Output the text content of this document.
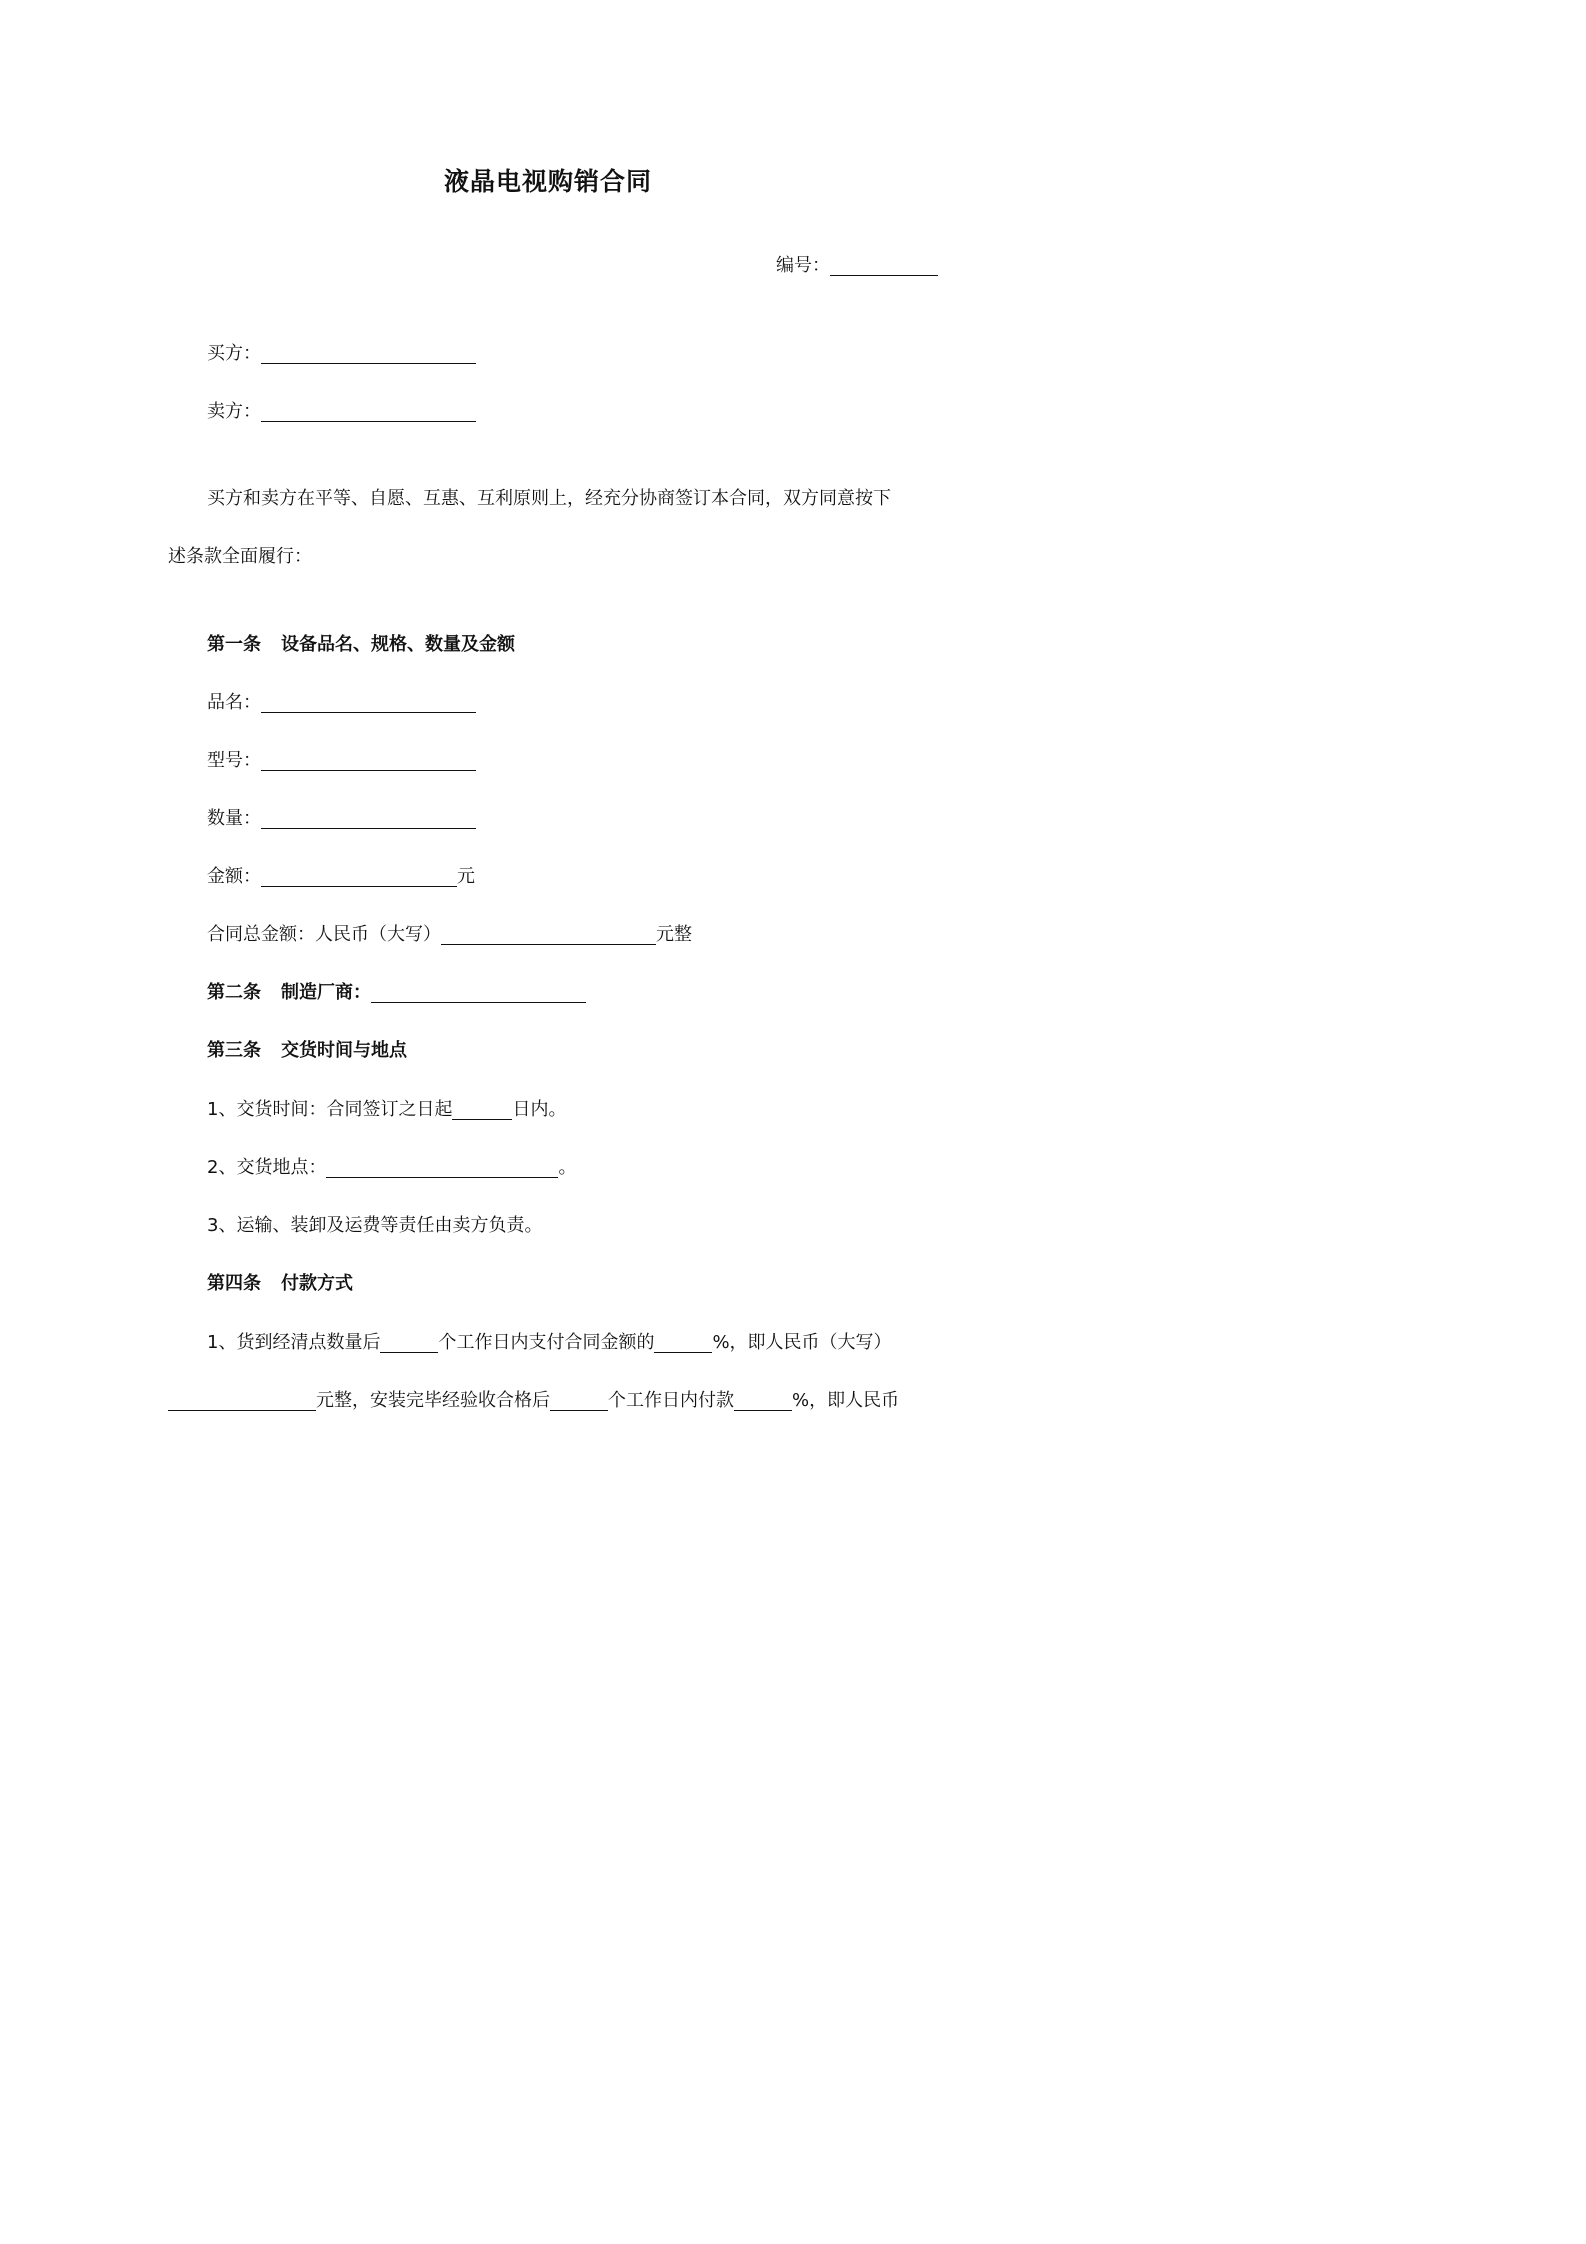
液晶电视购销合同
编号：
买方：
卖方：
买方和卖方在平等、自愿、互惠、互利原则上，经充分协商签订本合同，双方同意按下
述条款全面履行：
第一条 设备品名、规格、数量及金额
品名：
型号：
数量：
金额：	元
合同总金额：人民币（大写）	元整
第二条 制造厂商：
第三条 交货时间与地点
1、交货时间：合同签订之日起	日内。
2、交货地点：	。
3、运输、装卸及运费等责任由卖方负责。
第四条 付款方式
1、货到经清点数量后	个工作日内支付合同金额的	%，即人民币（大写）
元整，安装完毕经验收合格后	个工作日内付款	%，即人民币
